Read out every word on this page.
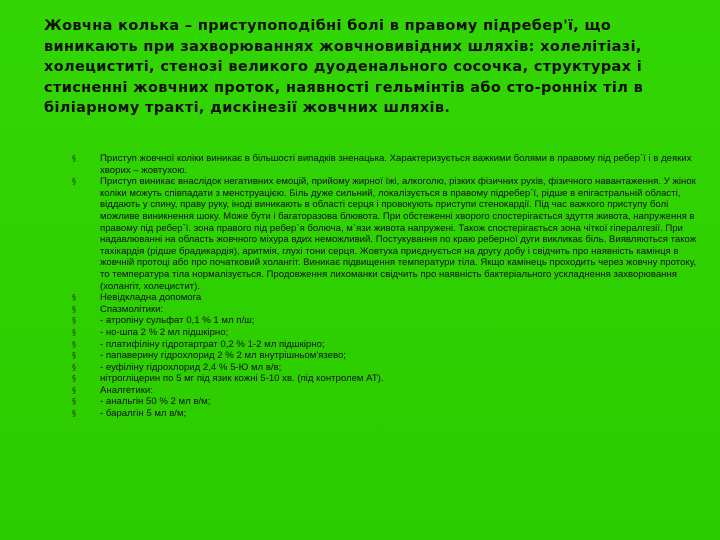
Жовчна колька – приступоподібні болі в правому підребер'ї, що виникають при захворюваннях жовчновивідних шляхів: холелітіазі, холециститі, стенозі великого дуоденального сосочка, структурах і стисненні жовчних проток, наявності гельмінтів або сто-ронніх тіл в біліарному тракті, дискінезії жовчних шляхів.

§	Приступ жовчної коліки виникає в більшості випадків зненацька. Характеризується важкими болями в правому під ребер`ї і в деяких хворих – жовтухою.
§	Приступ виникає внаслідок негативних емоцій, прийому жирної їжі, алкоголю, різких фізичних рухів, фізичного навантаження. У жінок коліки можуть співпадати з менструацією. Біль дуже сильний, локалізується в правому підребер`ї, рідше в епігастральній області, віддають у спину, праву руку, іноді виникають в області серця і провокують приступи стенокардії. Під час важкого приступу болі можливе виникнення шоку. Може бути і багаторазова блювота. При обстеженні хворого спостерігається здуття живота, напруження в правому під ребер`ї. зона правого під ребер`я болюча, м`язи живота напружені. Також спостерігається зона чіткої гіпералгезії. При надавлюванні на область жовчного міхура вдих неможливий. Постукування по краю реберної дуги викликає біль. Виявляються також тахікардія (рідше брадикардія), аритмія, глухі тони серця. Жовтуха приєднується на другу добу і свідчить про наявність камінця в жовчній протоці або про початковий холангіт. Виникає підвищення температури тіла. Якщо камінець проходить через жовчну протоку, то температура тіла нормалізується. Продовження лихоманки свідчить про наявність бактеріального ускладнення захворювання (холангіт, холецистит).
§	Невідкладна допомога
§	Спазмолітики:
§	- атропіну сульфат 0,1 % 1 мл п/ш;
§	- но-шпа 2 % 2 мл підшкірно;
§	- платифіліну гідротартрат 0,2 % 1-2 мл підшкірно;
§	- папаверину гідрохлорид 2 % 2 мл внутрішньом'язево;
§	- еуфіліну гідрохлорид 2,4 % 5-Ю мл в/в;
§	нітрогліцерин по 5 мг під язик кожні 5-10 хв. (під контролем АТ).
§	Аналгетики:
§	- анальгін 50 % 2 мл в/м;
§	- баралгін 5 мл в/м;
